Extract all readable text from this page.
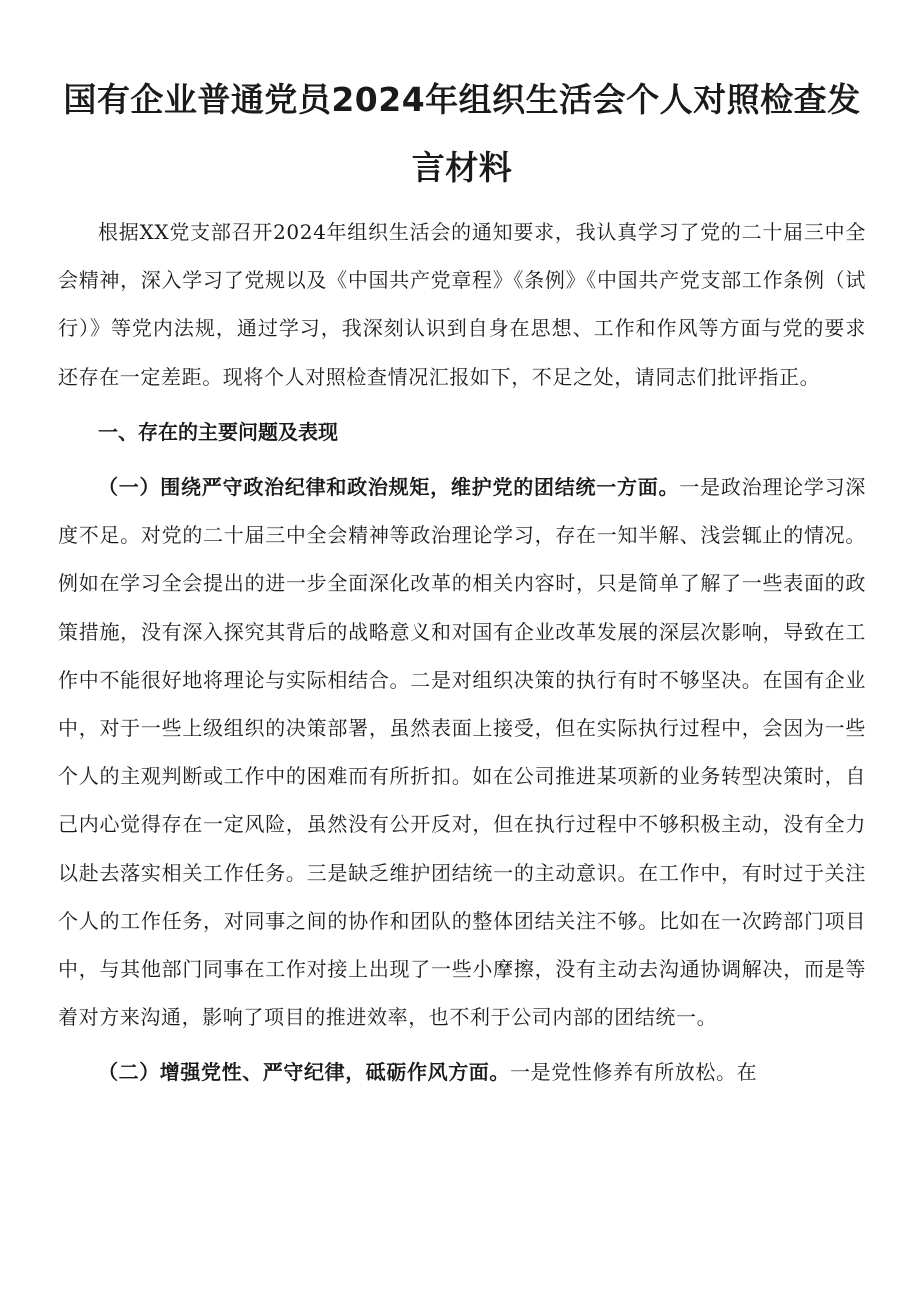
国有企业普通党员2024年组织生活会个人对照检查发言材料

根据XX党支部召开2024年组织生活会的通知要求，我认真学习了党的二十届三中全会精神，深入学习了党规以及《中国共产党章程》《条例》《中国共产党支部工作条例（试行）》等党内法规，通过学习，我深刻认识到自身在思想、工作和作风等方面与党的要求还存在一定差距。现将个人对照检查情况汇报如下，不足之处，请同志们批评指正。

一、存在的主要问题及表现

（一）围绕严守政治纪律和政治规矩，维护党的团结统一方面。一是政治理论学习深度不足。对党的二十届三中全会精神等政治理论学习，存在一知半解、浅尝辄止的情况。例如在学习全会提出的进一步全面深化改革的相关内容时，只是简单了解了一些表面的政策措施，没有深入探究其背后的战略意义和对国有企业改革发展的深层次影响，导致在工作中不能很好地将理论与实际相结合。二是对组织决策的执行有时不够坚决。在国有企业中，对于一些上级组织的决策部署，虽然表面上接受，但在实际执行过程中，会因为一些个人的主观判断或工作中的困难而有所折扣。如在公司推进某项新的业务转型决策时，自己内心觉得存在一定风险，虽然没有公开反对，但在执行过程中不够积极主动，没有全力以赴去落实相关工作任务。三是缺乏维护团结统一的主动意识。在工作中，有时过于关注个人的工作任务，对同事之间的协作和团队的整体团结关注不够。比如在一次跨部门项目中，与其他部门同事在工作对接上出现了一些小摩擦，没有主动去沟通协调解决，而是等着对方来沟通，影响了项目的推进效率，也不利于公司内部的团结统一。

（二）增强党性、严守纪律，砥砺作风方面。一是党性修养有所放松。在
